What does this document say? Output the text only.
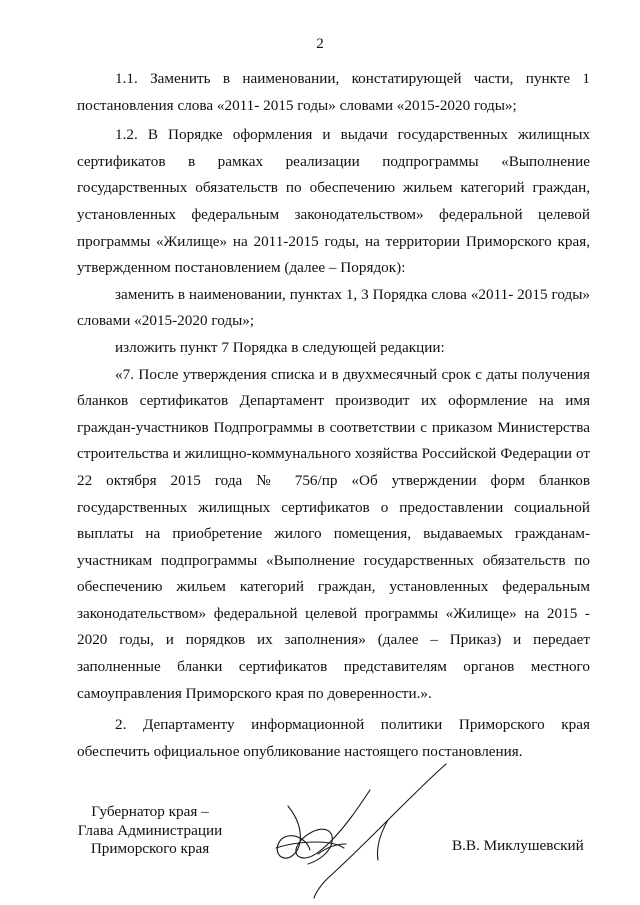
2

1.1. Заменить в наименовании, констатирующей части, пункте 1 постановления слова «2011- 2015 годы» словами «2015-2020 годы»;

1.2. В Порядке оформления и выдачи государственных жилищных сертификатов в рамках реализации подпрограммы «Выполнение государственных обязательств по обеспечению жильем категорий граждан, установленных федеральным законодательством» федеральной целевой программы «Жилище» на 2011-2015 годы, на территории Приморского края, утвержденном постановлением (далее – Порядок):

заменить в наименовании, пунктах 1, 3 Порядка слова «2011- 2015 годы» словами «2015-2020 годы»;

изложить пункт 7 Порядка в следующей редакции:

«7. После утверждения списка и в двухмесячный срок с даты получения бланков сертификатов Департамент производит их оформление на имя граждан-участников Подпрограммы в соответствии с приказом Министерства строительства и жилищно-коммунального хозяйства Российской Федерации от 22 октября 2015 года № 756/пр «Об утверждении форм бланков государственных жилищных сертификатов о предоставлении социальной выплаты на приобретение жилого помещения, выдаваемых гражданам-участникам подпрограммы «Выполнение государственных обязательств по обеспечению жильем категорий граждан, установленных федеральным законодательством» федеральной целевой программы «Жилище» на 2015 - 2020 годы, и порядков их заполнения» (далее – Приказ) и передает заполненные бланки сертификатов представителям органов местного самоуправления Приморского края по доверенности.».

2. Департаменту информационной политики Приморского края обеспечить официальное опубликование настоящего постановления.

Губернатор края –
Глава Администрации
Приморского края	В.В. Миклушевский
